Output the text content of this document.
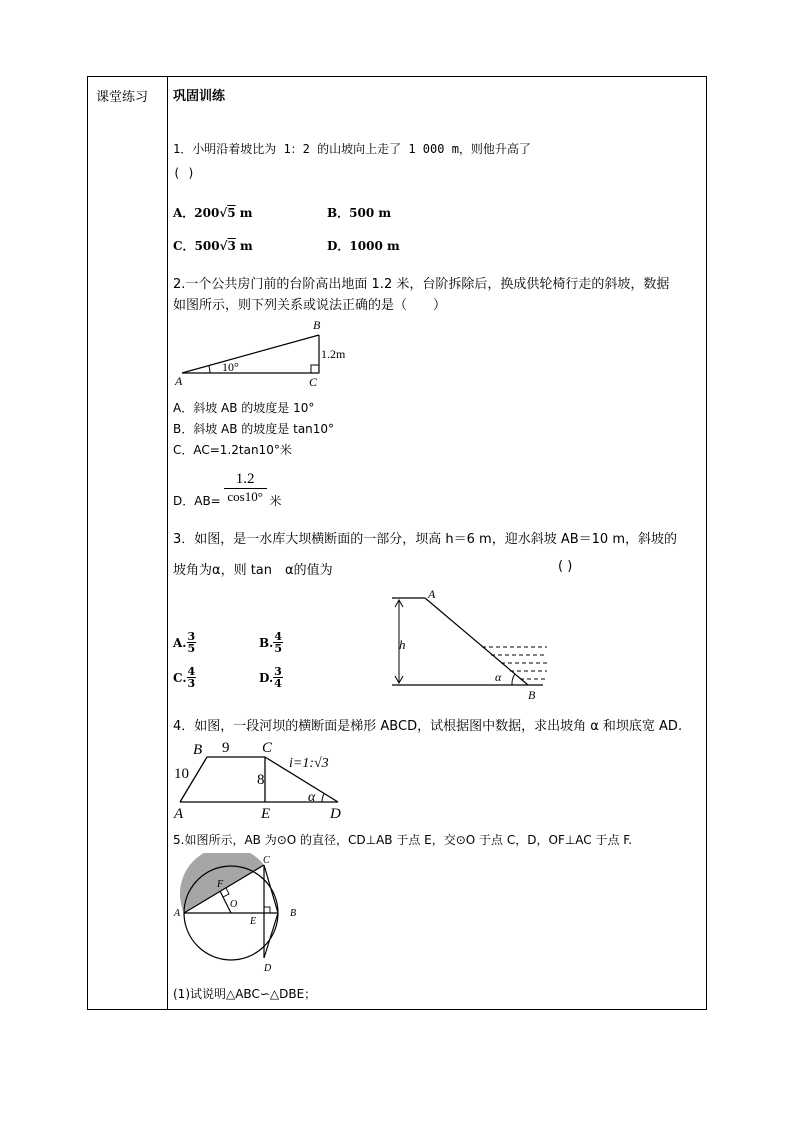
课堂练习 巩固训练
1．小明沿着坡比为 1：2 的山坡向上走了 1 000 m，则他升高了
( )
A．200√5 m	B．500 m
C．500√3 m	D．1000 m
2.一个公共房门前的台阶高出地面 1.2 米，台阶拆除后，换成供轮椅行走的斜坡，数据
如图所示，则下列关系或说法正确的是（　　）
B
A	C
10°
1.2m
A．斜坡 AB 的坡度是 10°
B．斜坡 AB 的坡度是 tan10°
C．AC=1.2tan10°米
D．$AB= \frac{1.2}{\cos 10^\circ}$ 米
3．如图，是一水库大坝横断面的一部分，坝高 h＝6 m，迎水斜坡 AB＝10 m，斜坡的
坡角为α，则 tan　α的值为	( )
A
B
h
α
A. $\frac{3}{5}$	B. $\frac{4}{5}$
C. $\frac{4}{3}$	D. $\frac{3}{4}$
4．如图，一段河坝的横断面是梯形 ABCD，试根据图中数据，求出坡角 α 和坝底宽 AD.
B	C
A	E	D
9
10	8
i=1:√3
α
5.如图所示，AB 为⊙O 的直径，CD⊥AB 于点 E，交⊙O 于点 C，D，OF⊥AC 于点 F.
A	B
C
D
E
F
O
(1)试说明△ABC∽△DBE；
